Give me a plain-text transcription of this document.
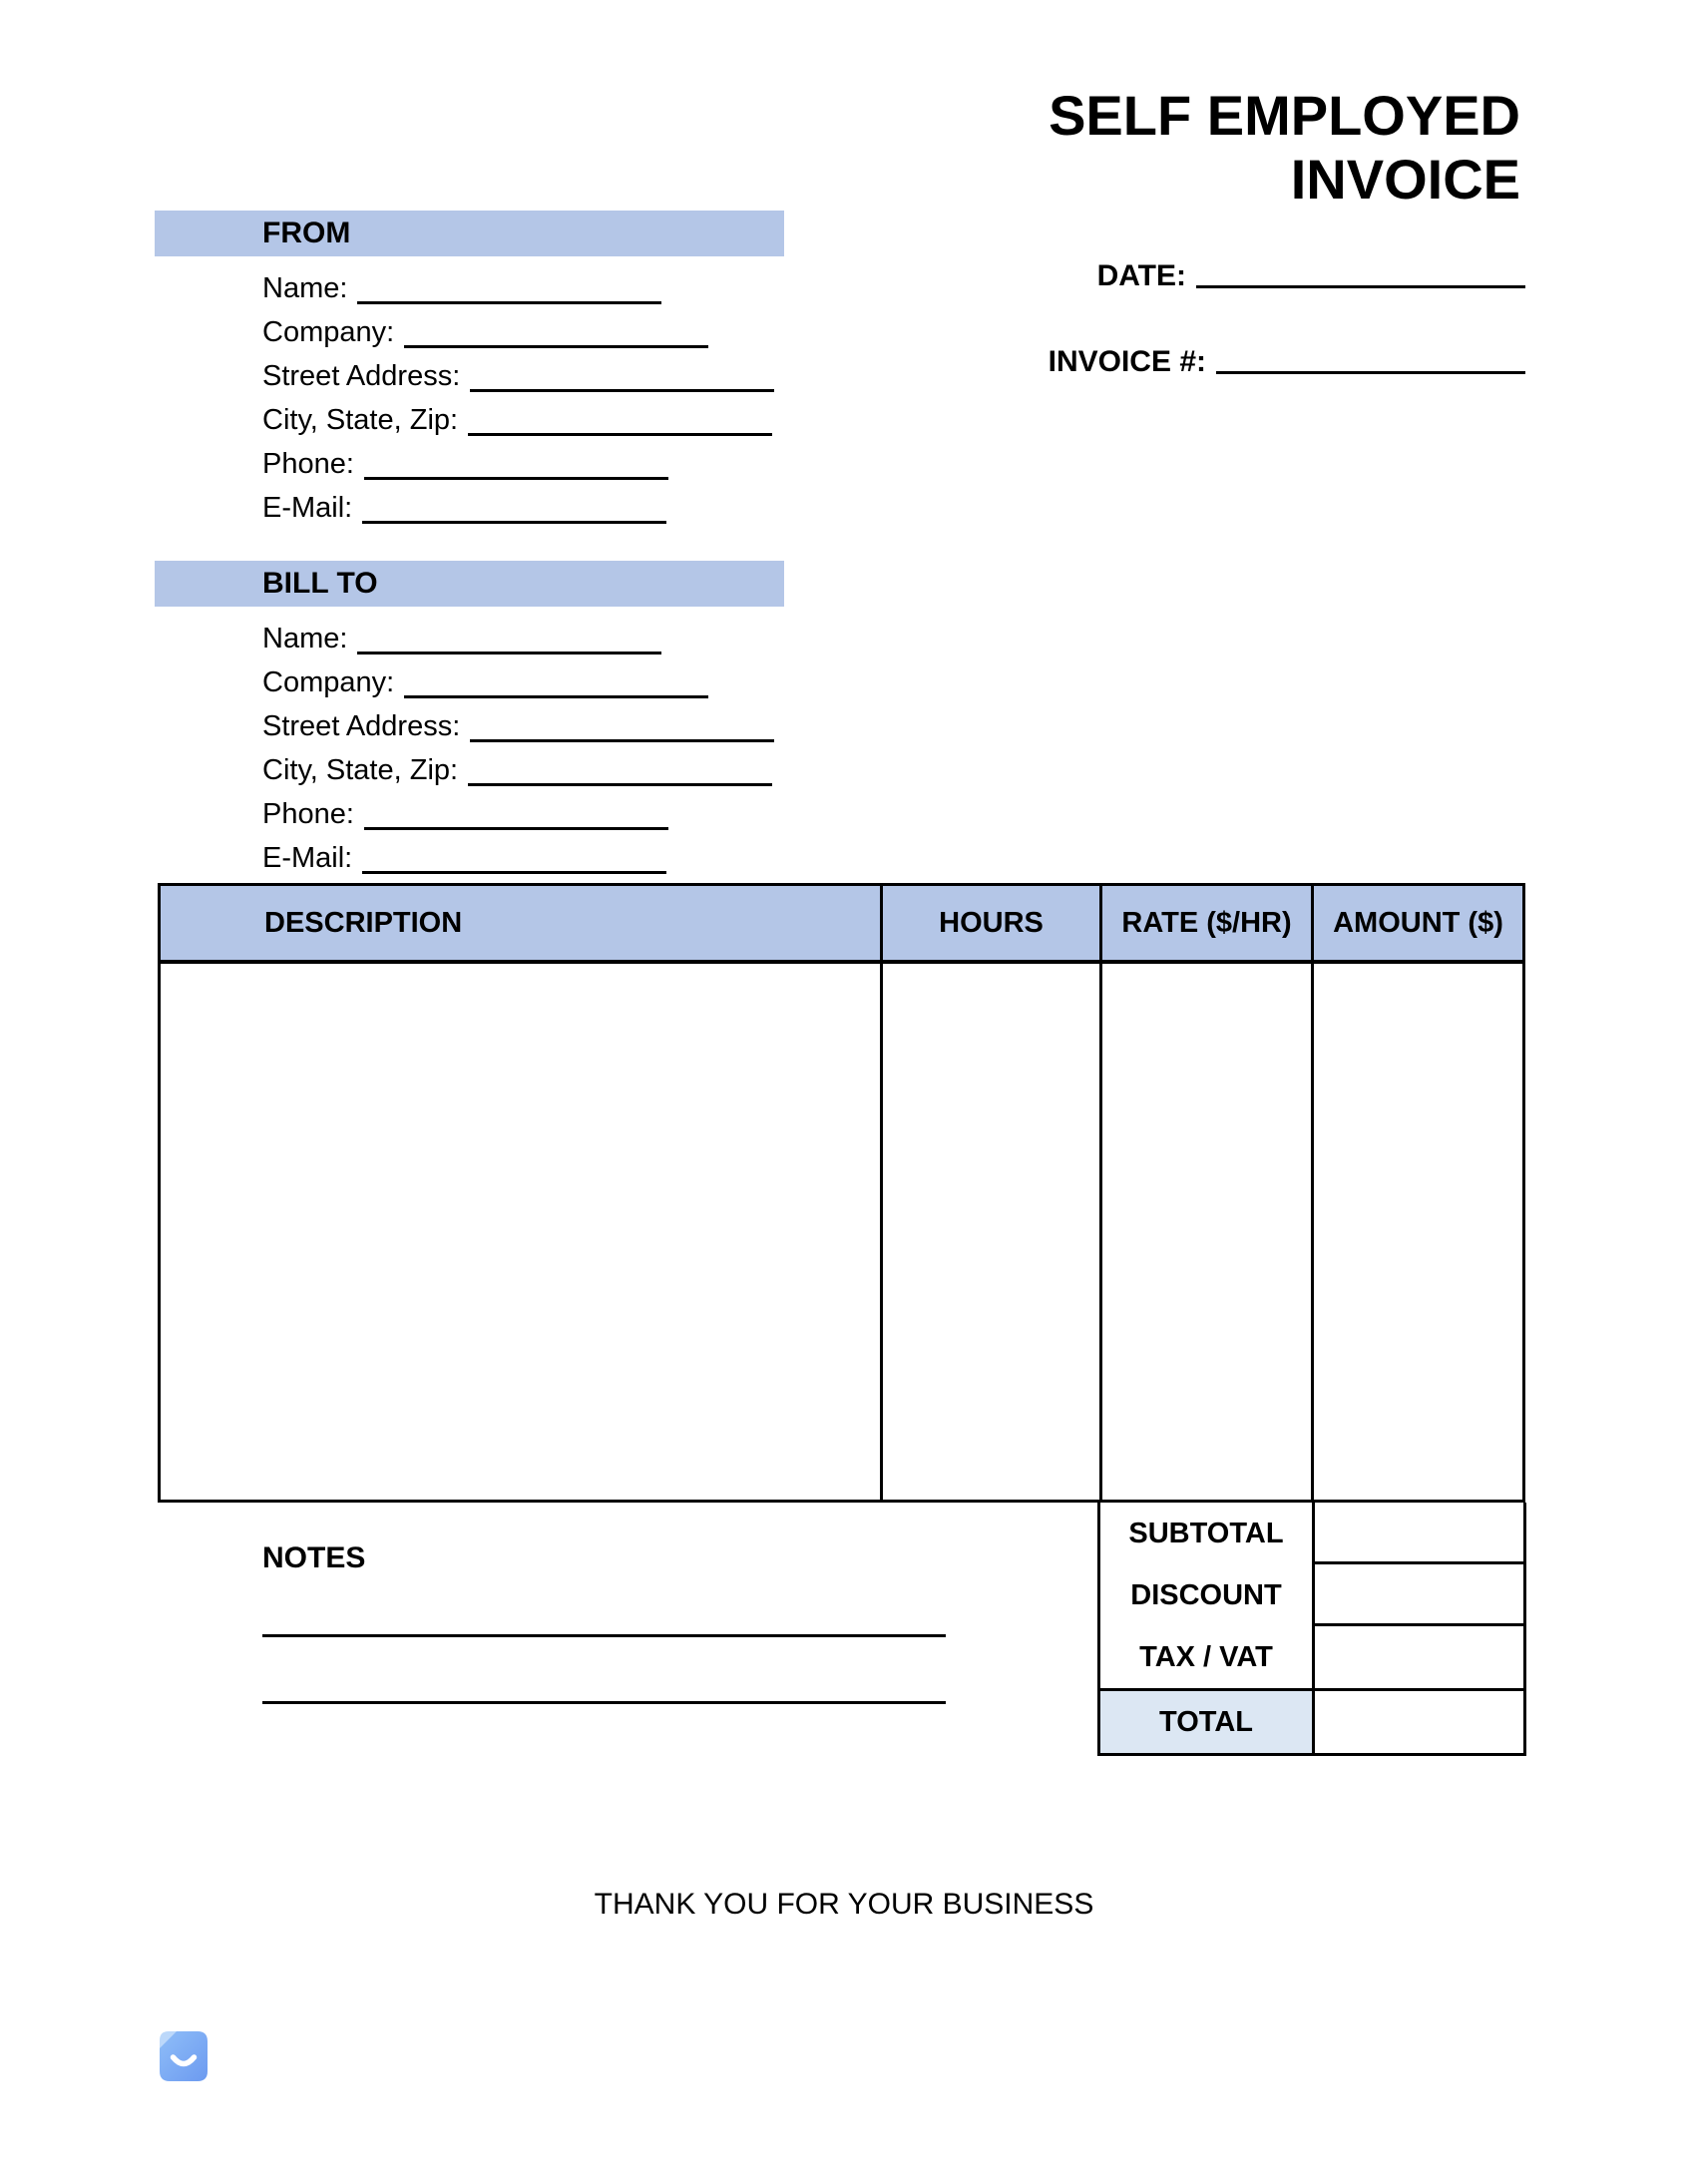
SELF EMPLOYED
INVOICE
DATE:
INVOICE #:
FROM
Name:
Company:
Street Address:
City, State, Zip:
Phone:
E-Mail:
BILL TO
Name:
Company:
Street Address:
City, State, Zip:
Phone:
E-Mail:
DESCRIPTION	HOURS	RATE ($/HR)	AMOUNT ($)
SUBTOTAL
DISCOUNT
TAX / VAT
TOTAL
NOTES
THANK YOU FOR YOUR BUSINESS
